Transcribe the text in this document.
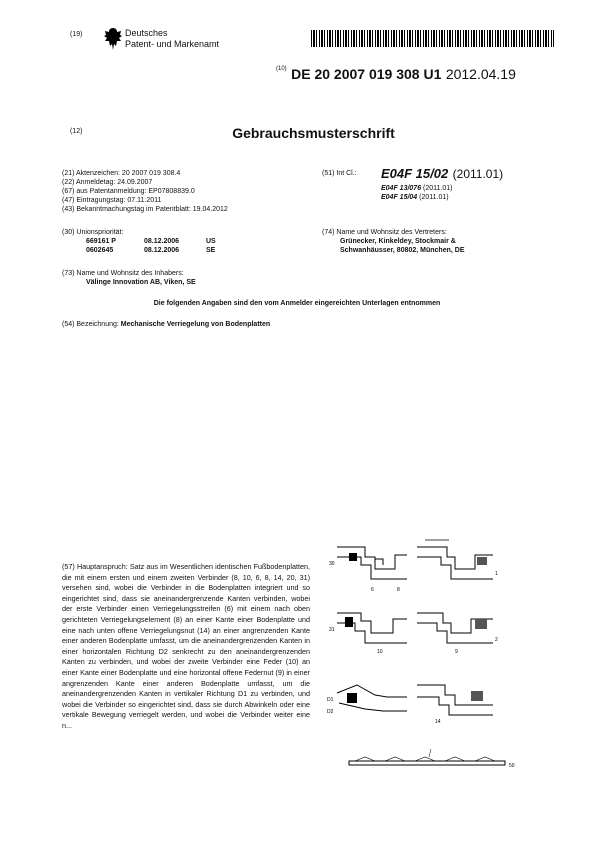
(19)	Deutsches
Patent- und Markenamt
$^{(10)}$ DE 20 2007 019 308 U1 2012.04.19
(12)	Gebrauchsmusterschrift
(21) Aktenzeichen: 20 2007 019 308.4
(22) Anmeldetag: 24.09.2007
(67) aus Patentanmeldung: EP07808839.0
(47) Eintragungstag: 07.11.2011
(43) Bekanntmachungstag im Patentblatt: 19.04.2012
(51) Int Cl.: E04F 15/02 (2011.01)
E04F 13/076 (2011.01)
E04F 15/04 (2011.01)
(30) Unionspriorität:
669161 P	08.12.2006	US
0602645	08.12.2006	SE
(74) Name und Wohnsitz des Vertreters:
Grünecker, Kinkeldey, Stockmair &
Schwanhäusser, 80802, München, DE
(73) Name und Wohnsitz des Inhabers:
Välinge Innovation AB, Viken, SE
Die folgenden Angaben sind den vom Anmelder eingereichten Unterlagen entnommen
(54) Bezeichnung: Mechanische Verriegelung von Bodenplatten
(57) Hauptanspruch: Satz aus im Wesentlichen identischen Fußbodenplatten, die mit einem ersten und einem zweiten Verbinder (8, 10, 6, 8, 14, 20, 31) versehen sind, wobei die Verbinder in die Bodenplatten integriert und so eingerichtet sind, dass sie aneinandergrenzende Kanten verbinden, wobei der erste Verbinder einen Verriegelungsstreifen (6) mit einem nach oben gerichteten Verriegelungselement (8) an einer Kante einer Bodenplatte und eine nach unten offene Verriegelungsnut (14) an einer angrenzenden Kante einer anderen Bodenplatte umfasst, um die aneinandergrenzenden Kanten in einer horizontalen Richtung D2 senkrecht zu den aneinandergrenzenden Kanten zu verbinden, und wobei der zweite Verbinder eine Feder (10) an einer Kante einer Bodenplatte und eine horizontal offene Federnut (9) in einer angrenzenden Kante einer anderen Bodenplatte umfasst, um die aneinandergrenzenden Kanten in vertikaler Richtung D1 zu verbinden, und wobei die Verbinder so eingerichtet sind, dass sie durch Abwinkeln oder eine vertikale Bewegung verriegelt werden, und wobei die Verbinder weiter eine n...
30
6	8
1
2
10	9
14
31
D1
D2
50
